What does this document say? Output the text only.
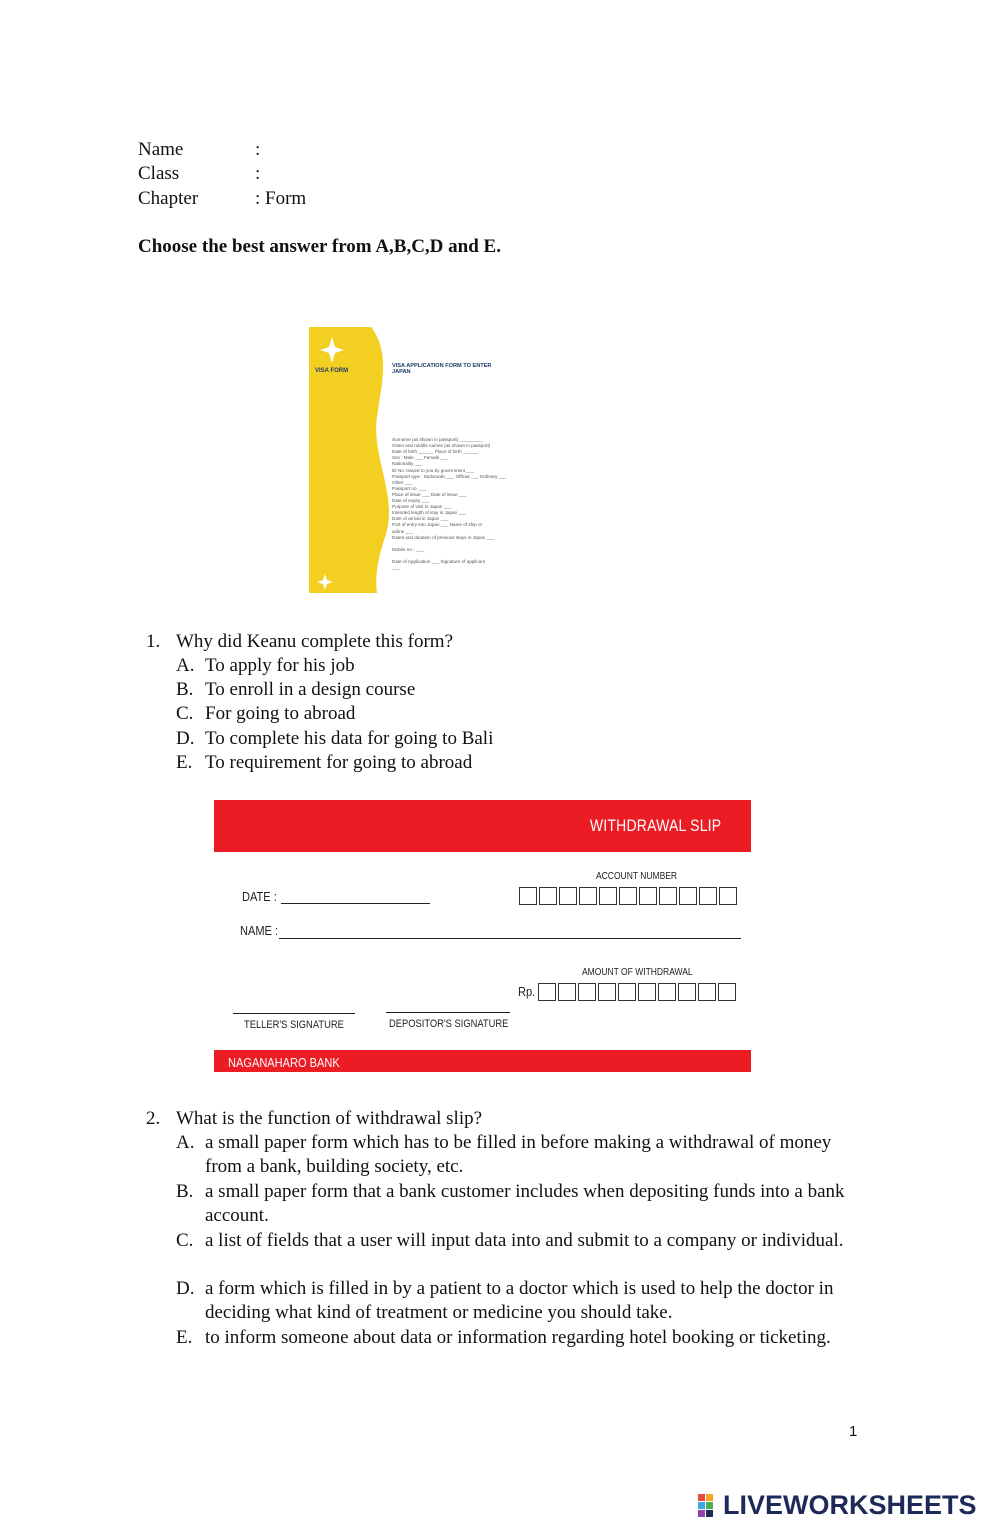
Name	:
Class	:
Chapter	: Form
Choose the best answer from A,B,C,D and E.
VISA FORM
VISA APPLICATION FORM TO ENTER
JAPAN
Surname (as shown in passport) _________
Given and middle names (as shown in passport)
Date of birth ______ Place of birth ______
Sex : Male ___ Female ___
Nationality ___
ID No. issued to you by government ___
Passport type : Diplomatic ___ Official ___ Ordinary ___
Other ___
Passport no. ___
Place of issue ___ Date of issue ___
Date of expiry ___
Purpose of visit to Japan ___
Intended length of stay in Japan ___
Date of arrival in Japan ___
Port of entry into Japan ___ Name of ship or
airline ___
Dates and duration of previous stays in Japan ___
Mobile no : ___
Date of Application ___ Signature of applicant
___
1. Why did Keanu complete this form?
A. To apply for his job
B. To enroll in a design course
C. For going to abroad
D. To complete his data for going to Bali
E. To requirement for going to abroad
WITHDRAWAL SLIP
ACCOUNT NUMBER
DATE :
NAME :
AMOUNT OF WITHDRAWAL
Rp.
TELLER'S SIGNATURE	DEPOSITOR'S SIGNATURE
NAGANAHARO BANK
2. What is the function of withdrawal slip?
A. a small paper form which has to be filled in before making a withdrawal of money from a bank, building society, etc.
B. a small paper form that a bank customer includes when depositing funds into a bank account.
C. a list of fields that a user will input data into and submit to a company or individual.
D. a form which is filled in by a patient to a doctor which is used to help the doctor in deciding what kind of treatment or medicine you should take.
E. to inform someone about data or information regarding hotel booking or ticketing.
1
LIVEWORKSHEETS
